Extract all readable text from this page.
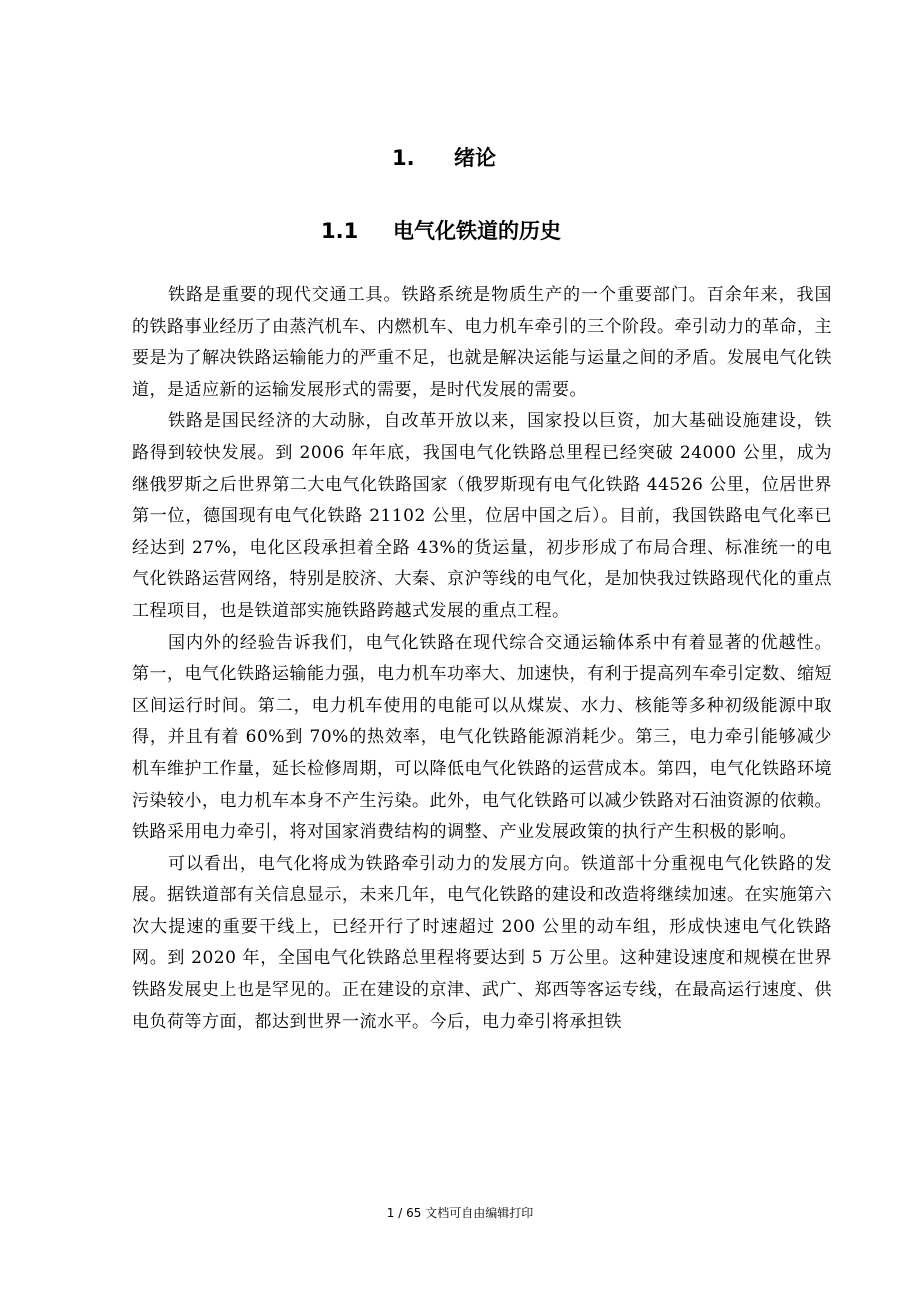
1.	绪论
1.1	电气化铁道的历史

铁路是重要的现代交通工具。铁路系统是物质生产的一个重要部门。百余年来，我国的铁路事业经历了由蒸汽机车、内燃机车、电力机车牵引的三个阶段。牵引动力的革命，主要是为了解决铁路运输能力的严重不足，也就是解决运能与运量之间的矛盾。发展电气化铁道，是适应新的运输发展形式的需要，是时代发展的需要。

铁路是国民经济的大动脉，自改革开放以来，国家投以巨资，加大基础设施建设，铁路得到较快发展。到 2006 年年底，我国电气化铁路总里程已经突破 24000 公里，成为继俄罗斯之后世界第二大电气化铁路国家（俄罗斯现有电气化铁路 44526 公里，位居世界第一位，德国现有电气化铁路 21102 公里，位居中国之后）。目前，我国铁路电气化率已经达到 27%，电化区段承担着全路 43%的货运量，初步形成了布局合理、标准统一的电气化铁路运营网络，特别是胶济、大秦、京沪等线的电气化，是加快我过铁路现代化的重点工程项目，也是铁道部实施铁路跨越式发展的重点工程。

国内外的经验告诉我们，电气化铁路在现代综合交通运输体系中有着显著的优越性。第一，电气化铁路运输能力强，电力机车功率大、加速快，有利于提高列车牵引定数、缩短区间运行时间。第二，电力机车使用的电能可以从煤炭、水力、核能等多种初级能源中取得，并且有着 60%到 70%的热效率，电气化铁路能源消耗少。第三，电力牵引能够减少机车维护工作量，延长检修周期，可以降低电气化铁路的运营成本。第四，电气化铁路环境污染较小，电力机车本身不产生污染。此外，电气化铁路可以减少铁路对石油资源的依赖。铁路采用电力牵引，将对国家消费结构的调整、产业发展政策的执行产生积极的影响。

可以看出，电气化将成为铁路牵引动力的发展方向。铁道部十分重视电气化铁路的发展。据铁道部有关信息显示，未来几年，电气化铁路的建设和改造将继续加速。在实施第六次大提速的重要干线上，已经开行了时速超过 200 公里的动车组，形成快速电气化铁路网。到 2020 年，全国电气化铁路总里程将要达到 5 万公里。这种建设速度和规模在世界铁路发展史上也是罕见的。正在建设的京津、武广、郑西等客运专线，在最高运行速度、供电负荷等方面，都达到世界一流水平。今后，电力牵引将承担铁

1 / 65 文档可自由编辑打印
